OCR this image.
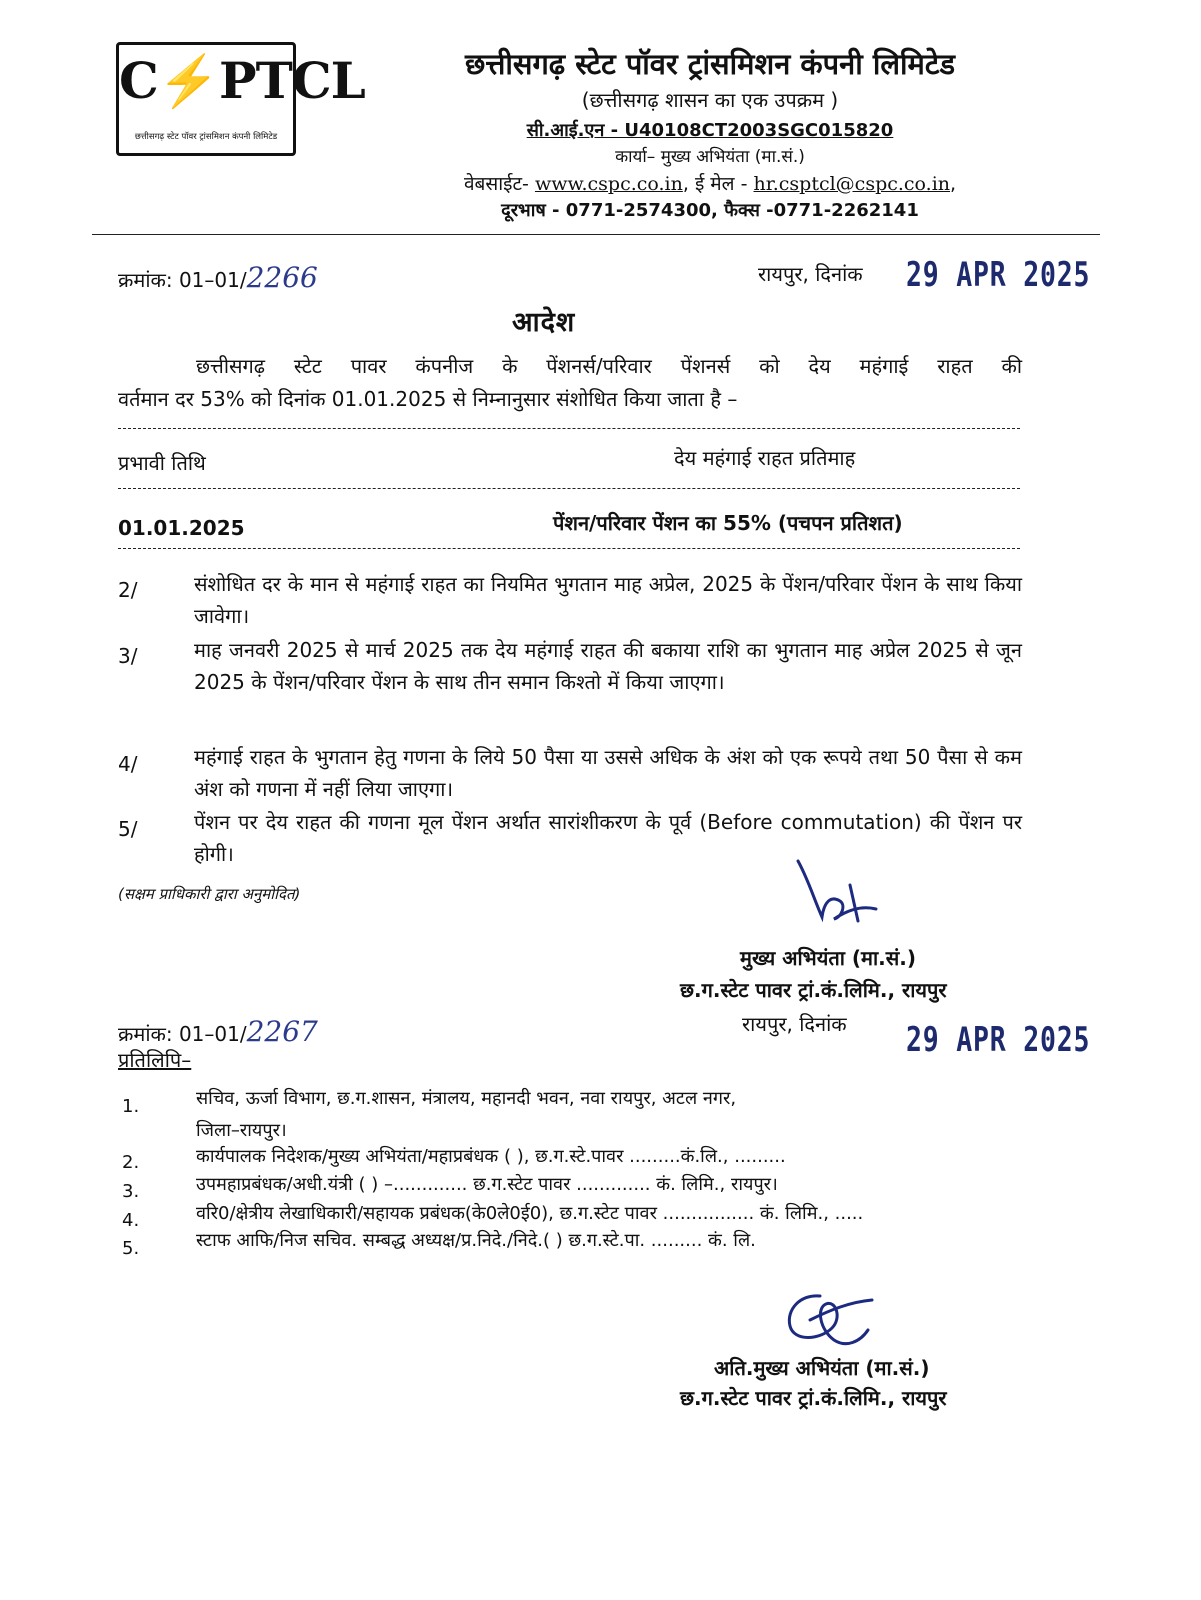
C⚡PTCL
छत्तीसगढ़ स्टेट पॉवर ट्रांसमिशन कंपनी लिमिटेड
छत्तीसगढ़ स्टेट पॉवर ट्रांसमिशन कंपनी लिमिटेड
(छत्तीसगढ़ शासन का एक उपक्रम )
सी.आई.एन - U40108CT2003SGC015820
कार्या– मुख्य अभियंता (मा.सं.)
वेबसाईट- www.cspc.co.in, ई मेल - hr.csptcl@cspc.co.in,
दूरभाष - 0771-2574300, फैक्स -0771-2262141
क्रमांक: 01–01/2266	रायपुर, दिनांक 29 APR 2025
आदेश
छत्तीसगढ़ स्टेट पावर कंपनीज के पेंशनर्स/परिवार पेंशनर्स को देय महंगाई राहत की
वर्तमान दर 53% को दिनांक 01.01.2025 से निम्नानुसार संशोधित किया जाता है –
प्रभावी तिथि	देय महंगाई राहत प्रतिमाह
01.01.2025	पेंशन/परिवार पेंशन का 55% (पचपन प्रतिशत)
2/	संशोधित दर के मान से महंगाई राहत का नियमित भुगतान माह अप्रेल, 2025 के पेंशन/परिवार पेंशन के साथ किया जावेगा।
3/	माह जनवरी 2025 से मार्च 2025 तक देय महंगाई राहत की बकाया राशि का भुगतान माह अप्रेल 2025 से जून 2025 के पेंशन/परिवार पेंशन के साथ तीन समान किश्तो में किया जाएगा।
4/	महंगाई राहत के भुगतान हेतु गणना के लिये 50 पैसा या उससे अधिक के अंश को एक रूपये तथा 50 पैसा से कम अंश को गणना में नहीं लिया जाएगा।
5/	पेंशन पर देय राहत की गणना मूल पेंशन अर्थात सारांशीकरण के पूर्व (Before commutation) की पेंशन पर होगी।
(सक्षम प्राधिकारी द्वारा अनुमोदित)
मुख्य अभियंता (मा.सं.)
छ.ग.स्टेट पावर ट्रां.कं.लिमि., रायपुर
क्रमांक: 01–01/2267	रायपुर, दिनांक 29 APR 2025
प्रतिलिपि–
1.	सचिव, ऊर्जा विभाग, छ.ग.शासन, मंत्रालय, महानदी भवन, नवा रायपुर, अटल नगर,
जिला–रायपुर।
2.	कार्यपालक निदेशक/मुख्य अभियंता/महाप्रबंधक ( ), छ.ग.स्टे.पावर .........कं.लि., .........
3.	उपमहाप्रबंधक/अधी.यंत्री ( ) –............. छ.ग.स्टेट पावर ............. कं. लिमि., रायपुर।
4.	वरि0/क्षेत्रीय लेखाधिकारी/सहायक प्रबंधक(के0ले0ई0), छ.ग.स्टेट पावर ................ कं. लिमि., .....
5.	स्टाफ आफि/निज सचिव. सम्बद्ध अध्यक्ष/प्र.निदे./निदे.( ) छ.ग.स्टे.पा. ......... कं. लि.
अति.मुख्य अभियंता (मा.सं.)
छ.ग.स्टेट पावर ट्रां.कं.लिमि., रायपुर
